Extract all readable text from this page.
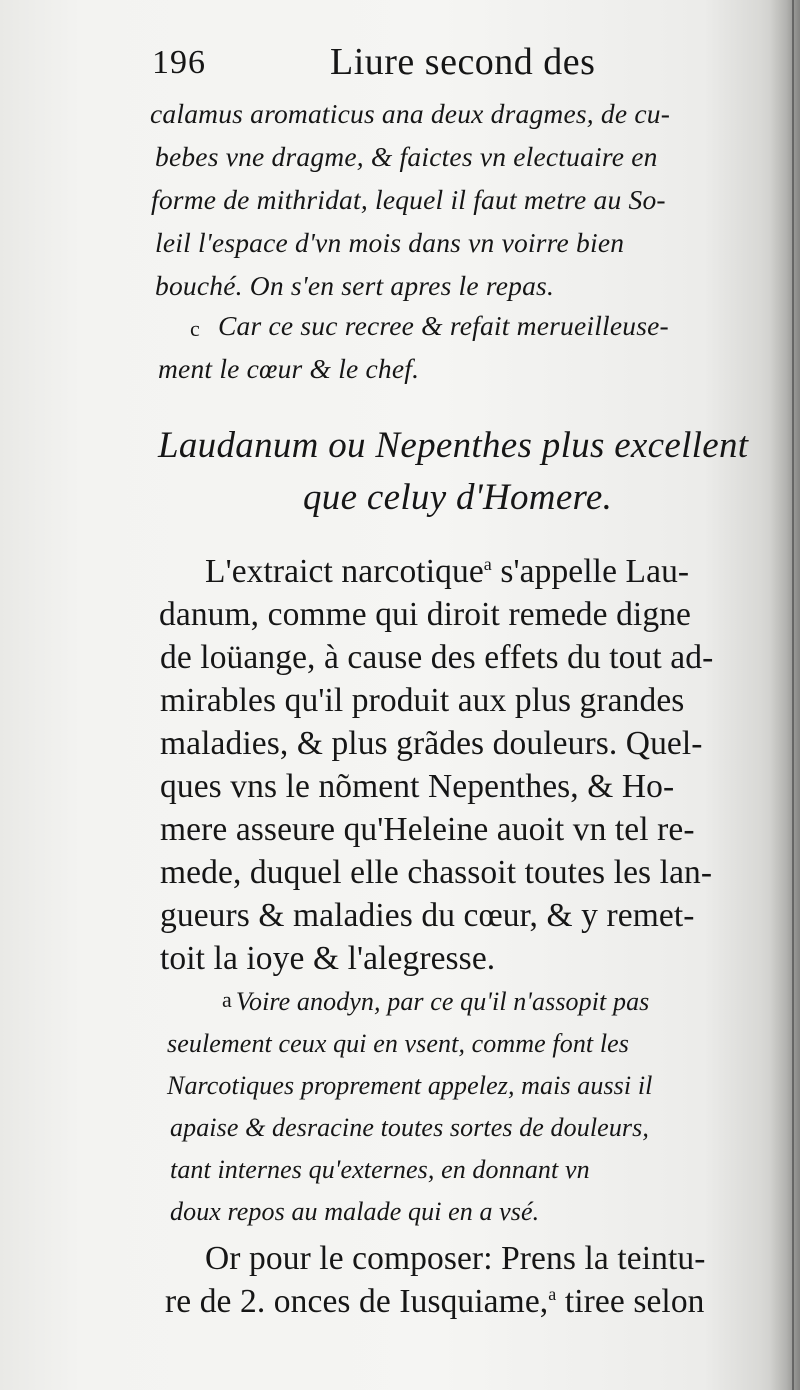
196	Liure second des

calamus aromaticus ana deux dragmes, de cu-

bebes vne dragme, & faictes vn electuaire en

forme de mithridat, lequel il faut metre au So-

leil l'espace d'vn mois dans vn voirre bien

bouché. On s'en sert apres le repas.

c Car ce suc recree & refait merueilleuse-

ment le cœur & le chef.

Laudanum ou Nepenthes plus excellent
que celuy d'Homere.

L'extraict narcotique$^a$ s'appelle Lau-

danum, comme qui diroit remede digne

de loüange, à cause des effets du tout ad-

mirables qu'il produit aux plus grandes

maladies, & plus grãdes douleurs. Quel-

ques vns le nõment Nepenthes, & Ho-

mere asseure qu'Heleine auoit vn tel re-

mede, duquel elle chassoit toutes les lan-

gueurs & maladies du cœur, & y remet-

toit la ioye & l'alegresse.

a Voire anodyn, par ce qu'il n'assopit pas

seulement ceux qui en vsent, comme font les

Narcotiques proprement appelez, mais aussi il

apaise & desracine toutes sortes de douleurs,

tant internes qu'externes, en donnant vn

doux repos au malade qui en a vsé.

Or pour le composer: Prens la teintu-

re de 2. onces de Iusquiame,$^a$ tiree selon
